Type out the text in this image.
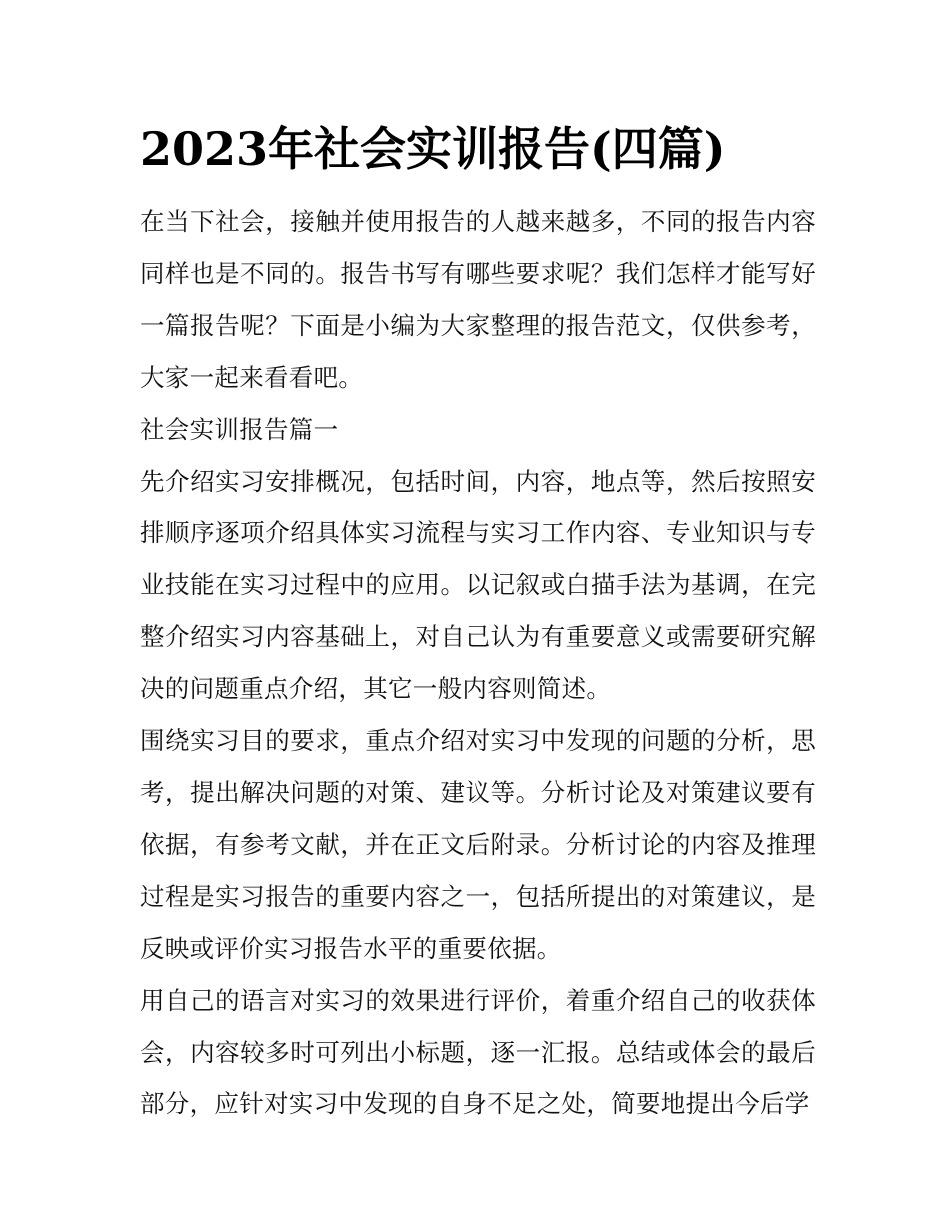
2023年社会实训报告(四篇)

在当下社会，接触并使用报告的人越来越多，不同的报告内容同样也是不同的。报告书写有哪些要求呢？我们怎样才能写好一篇报告呢？下面是小编为大家整理的报告范文，仅供参考，大家一起来看看吧。

社会实训报告篇一

先介绍实习安排概况，包括时间，内容，地点等，然后按照安排顺序逐项介绍具体实习流程与实习工作内容、专业知识与专业技能在实习过程中的应用。以记叙或白描手法为基调，在完整介绍实习内容基础上，对自己认为有重要意义或需要研究解决的问题重点介绍，其它一般内容则简述。

围绕实习目的要求，重点介绍对实习中发现的问题的分析，思考，提出解决问题的对策、建议等。分析讨论及对策建议要有依据，有参考文献，并在正文后附录。分析讨论的内容及推理过程是实习报告的重要内容之一，包括所提出的对策建议，是反映或评价实习报告水平的重要依据。

用自己的语言对实习的效果进行评价，着重介绍自己的收获体会，内容较多时可列出小标题，逐一汇报。总结或体会的最后部分，应针对实习中发现的自身不足之处，简要地提出今后学
